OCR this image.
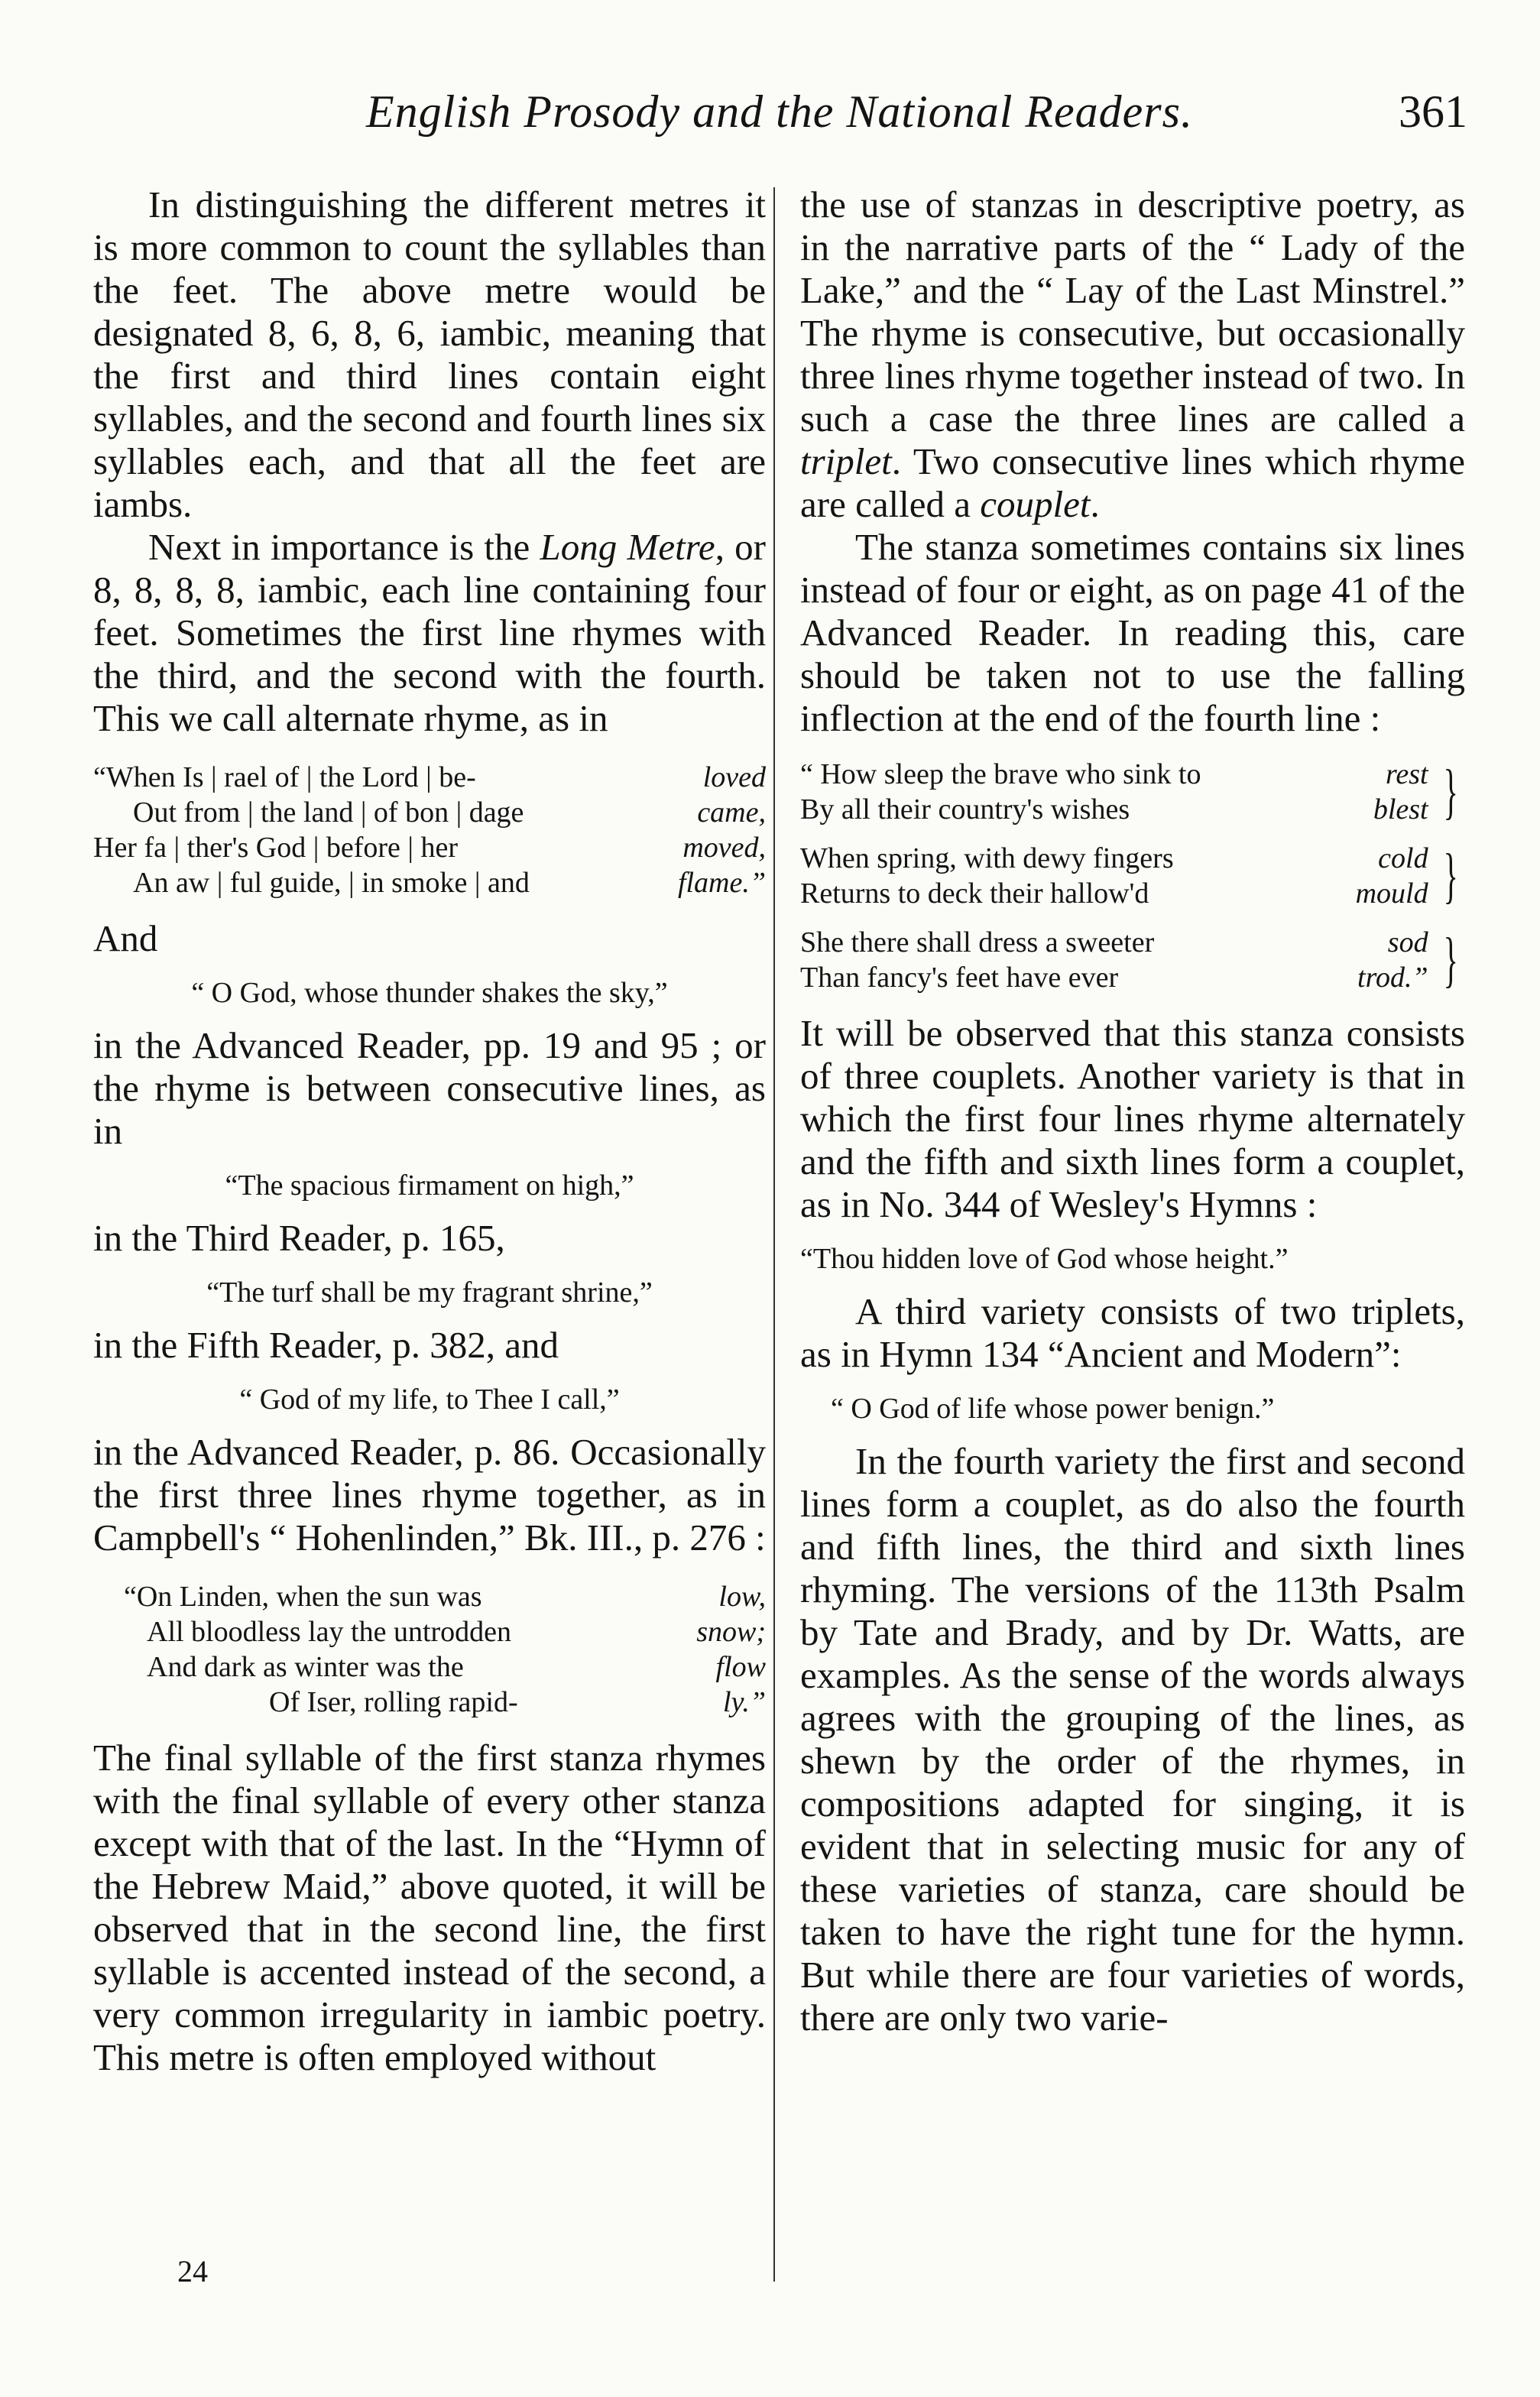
English Prosody and the National Readers.	361

In distinguishing the different metres it is more common to count the syllables than the feet. The above metre would be designated 8, 6, 8, 6, iambic, meaning that the first and third lines contain eight syllables, and the second and fourth lines six syllables each, and that all the feet are iambs.

Next in importance is the Long Metre, or 8, 8, 8, 8, iambic, each line containing four feet. Sometimes the first line rhymes with the third, and the second with the fourth. This we call alternate rhyme, as in

“When Is | rael of | the Lord | be-	loved
Out from | the land | of bon | dage	came,
Her fa | ther's God | before | her	moved,
An aw | ful guide, | in smoke | and	flame.”

And

“ O God, whose thunder shakes the sky,”

in the Advanced Reader, pp. 19 and 95 ; or the rhyme is between consecutive lines, as in

“The spacious firmament on high,”

in the Third Reader, p. 165,

“The turf shall be my fragrant shrine,”

in the Fifth Reader, p. 382, and

“ God of my life, to Thee I call,”

in the Advanced Reader, p. 86. Occasionally the first three lines rhyme together, as in Campbell's “ Hohenlinden,” Bk. III., p. 276 :

“On Linden, when the sun was	low,
All bloodless lay the untrodden	snow;
And dark as winter was the	flow
Of Iser, rolling rapid-	ly.”

The final syllable of the first stanza rhymes with the final syllable of every other stanza except with that of the last. In the “Hymn of the Hebrew Maid,” above quoted, it will be observed that in the second line, the first syllable is accented instead of the second, a very common irregularity in iambic poetry. This metre is often employed without

the use of stanzas in descriptive poetry, as in the narrative parts of the “ Lady of the Lake,” and the “ Lay of the Last Minstrel.” The rhyme is consecutive, but occasionally three lines rhyme together instead of two. In such a case the three lines are called a triplet. Two consecutive lines which rhyme are called a couplet.

The stanza sometimes contains six lines instead of four or eight, as on page 41 of the Advanced Reader. In reading this, care should be taken not to use the falling inflection at the end of the fourth line :

“ How sleep the brave who sink to	rest
By all their country's wishes	blest }
When spring, with dewy fingers	cold
Returns to deck their hallow'd	mould }
She there shall dress a sweeter	sod
Than fancy's feet have ever	trod.” }

It will be observed that this stanza consists of three couplets. Another variety is that in which the first four lines rhyme alternately and the fifth and sixth lines form a couplet, as in No. 344 of Wesley's Hymns :

“Thou hidden love of God whose height.”

A third variety consists of two triplets, as in Hymn 134 “Ancient and Modern”:

“ O God of life whose power benign.”

In the fourth variety the first and second lines form a couplet, as do also the fourth and fifth lines, the third and sixth lines rhyming. The versions of the 113th Psalm by Tate and Brady, and by Dr. Watts, are examples. As the sense of the words always agrees with the grouping of the lines, as shewn by the order of the rhymes, in compositions adapted for singing, it is evident that in selecting music for any of these varieties of stanza, care should be taken to have the right tune for the hymn. But while there are four varieties of words, there are only two varie-

24
